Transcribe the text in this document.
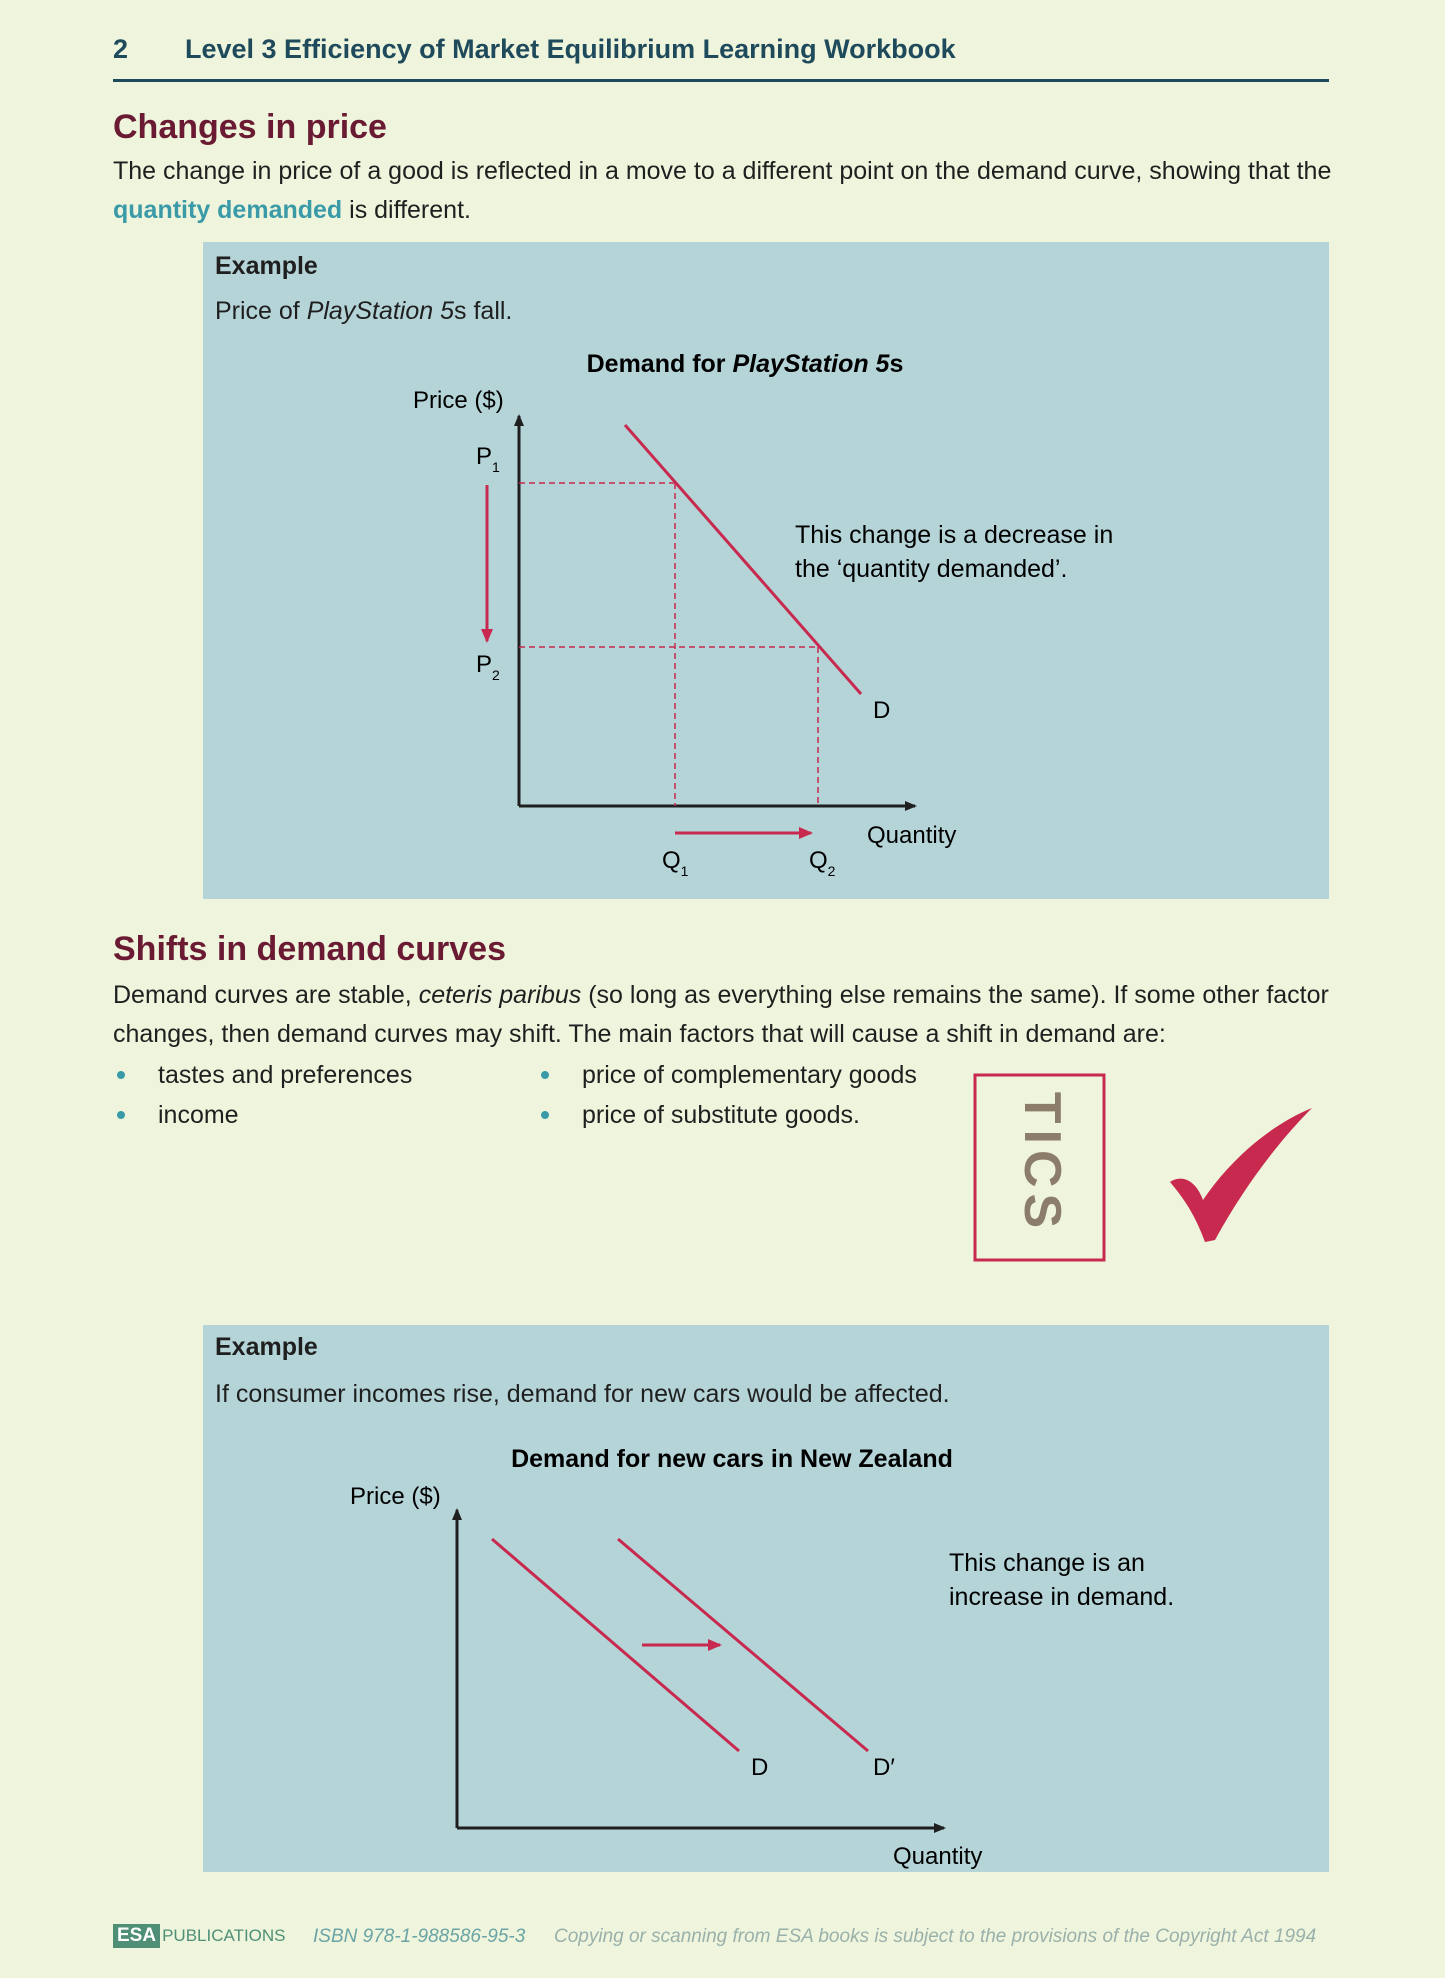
2 Level 3 Efficiency of Market Equilibrium Learning Workbook
Changes in price
The change in price of a good is reflected in a move to a different point on the demand curve, showing that the
quantity demanded is different.
Example
Price of PlayStation 5s fall.
Demand for PlayStation 5s
Price ($)
Quantity
D
$P_1$
$P_2$
$Q_1$	$Q_2$
This change is a decrease in
the ‘quantity demanded’.
Shifts in demand curves
Demand curves are stable, ceteris paribus (so long as everything else remains the same). If some other factor changes, then demand curves may shift. The main factors that will cause a shift in demand are:
tastes and preferences
income
price of complementary goods
price of substitute goods.	TICS
Example
If consumer incomes rise, demand for new cars would be affected.
Demand for new cars in New Zealand
Price ($)
Quantity
D	D′
This change is an
increase in demand.
ESA PUBLICATIONS ISBN 978-1-988586-95-3 Copying or scanning from ESA books is subject to the provisions of the Copyright Act 1994
